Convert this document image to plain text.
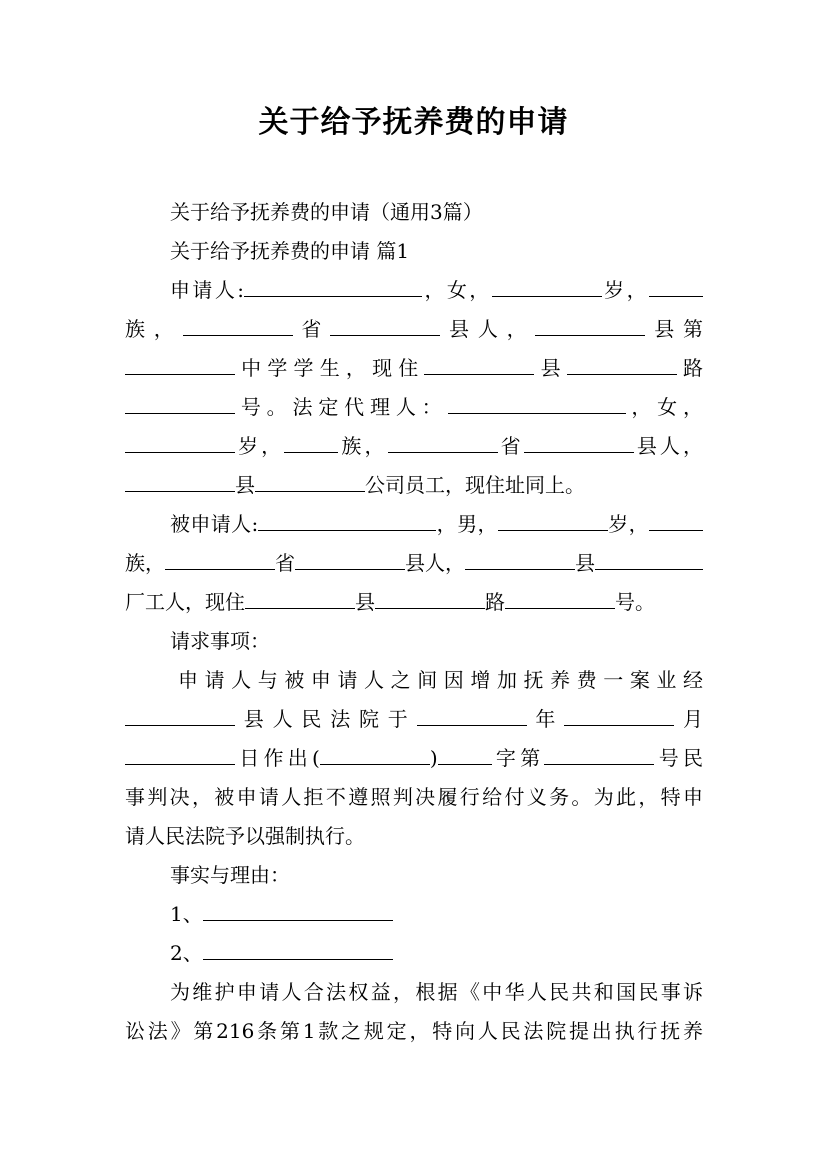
关于给予抚养费的申请
关于给予抚养费的申请（通用3篇）
关于给予抚养费的申请 篇1
申请人:	，女，	岁，
族，	省	县人，	县第
中学学生，现住	县	路
号。法定代理人：	，女，
岁，	族，	省	县人，
县	公司员工，现住址同上。
被申请人:	，男，	岁，
族，	省	县人，	县
厂工人，现住	县	路	号。
请求事项：
申请人与被申请人之间因增加抚养费一案业经
县人民法院于	年	月
日作出(	)	字第	号民
事判决，被申请人拒不遵照判决履行给付义务。为此，特申
请人民法院予以强制执行。
事实与理由：
1、
2、
为维护申请人合法权益，根据《中华人民共和国民事诉
讼法》第216条第1款之规定，特向人民法院提出执行抚养
